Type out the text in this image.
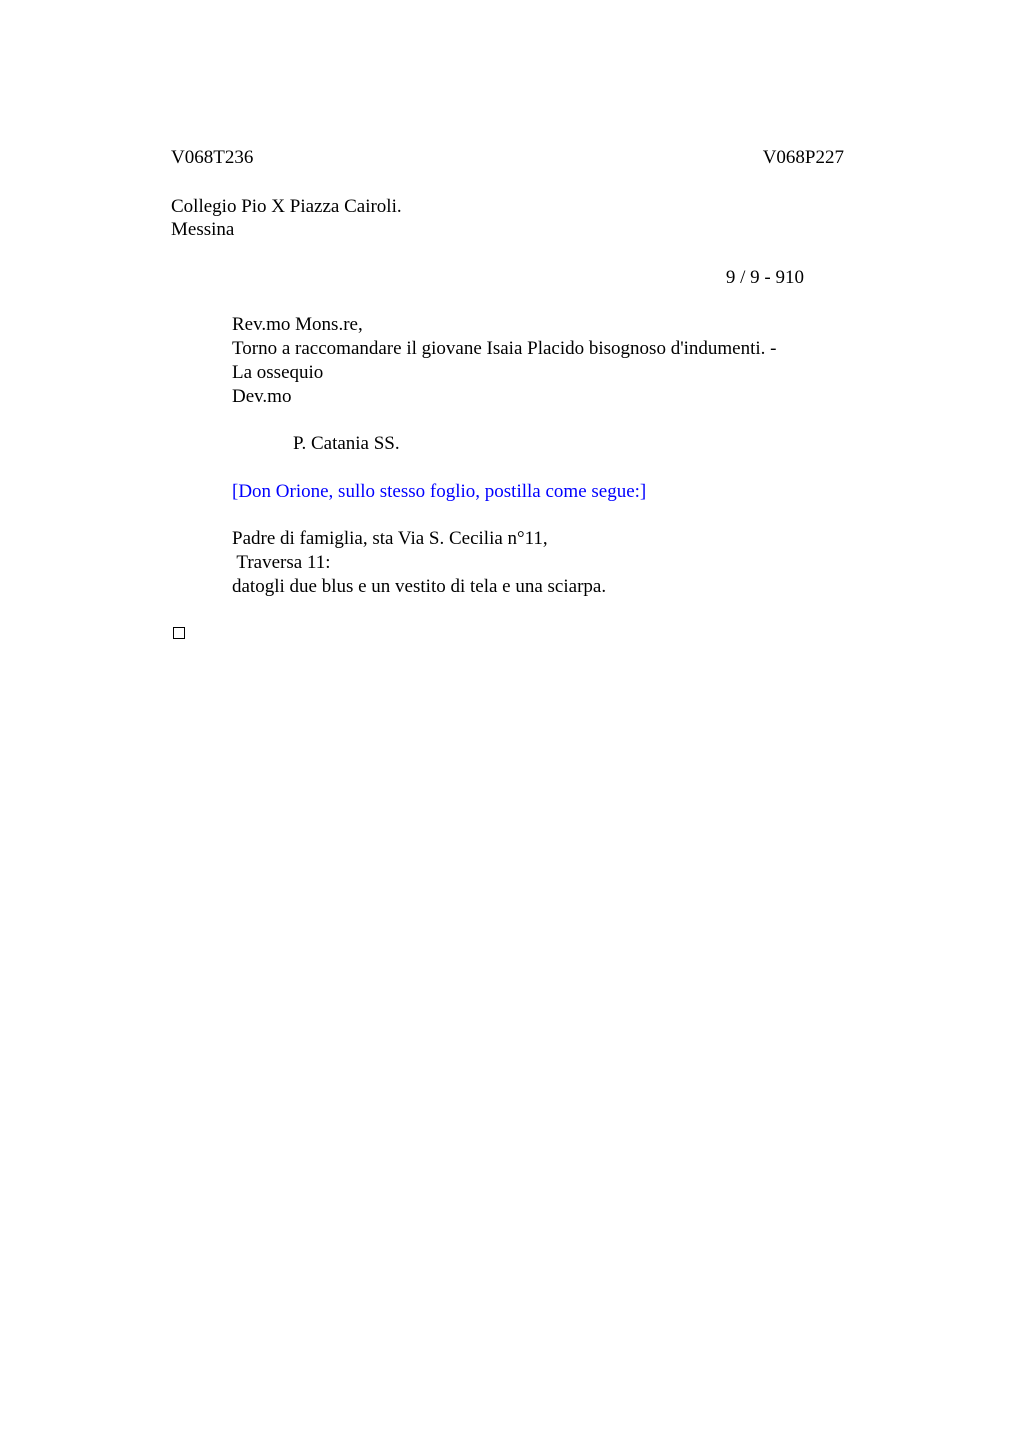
V068T236	V068P227
Collegio Pio X Piazza Cairoli.
Messina
9 / 9 - 910
Rev.mo Mons.re,
Torno a raccomandare il giovane Isaia Placido bisognoso d'indumenti. -
La ossequio
Dev.mo
P. Catania SS.
[Don Orione, sullo stesso foglio, postilla come segue:]
Padre di famiglia, sta Via S. Cecilia n°11,
Traversa 11:
datogli due blus e un vestito di tela e una sciarpa.
